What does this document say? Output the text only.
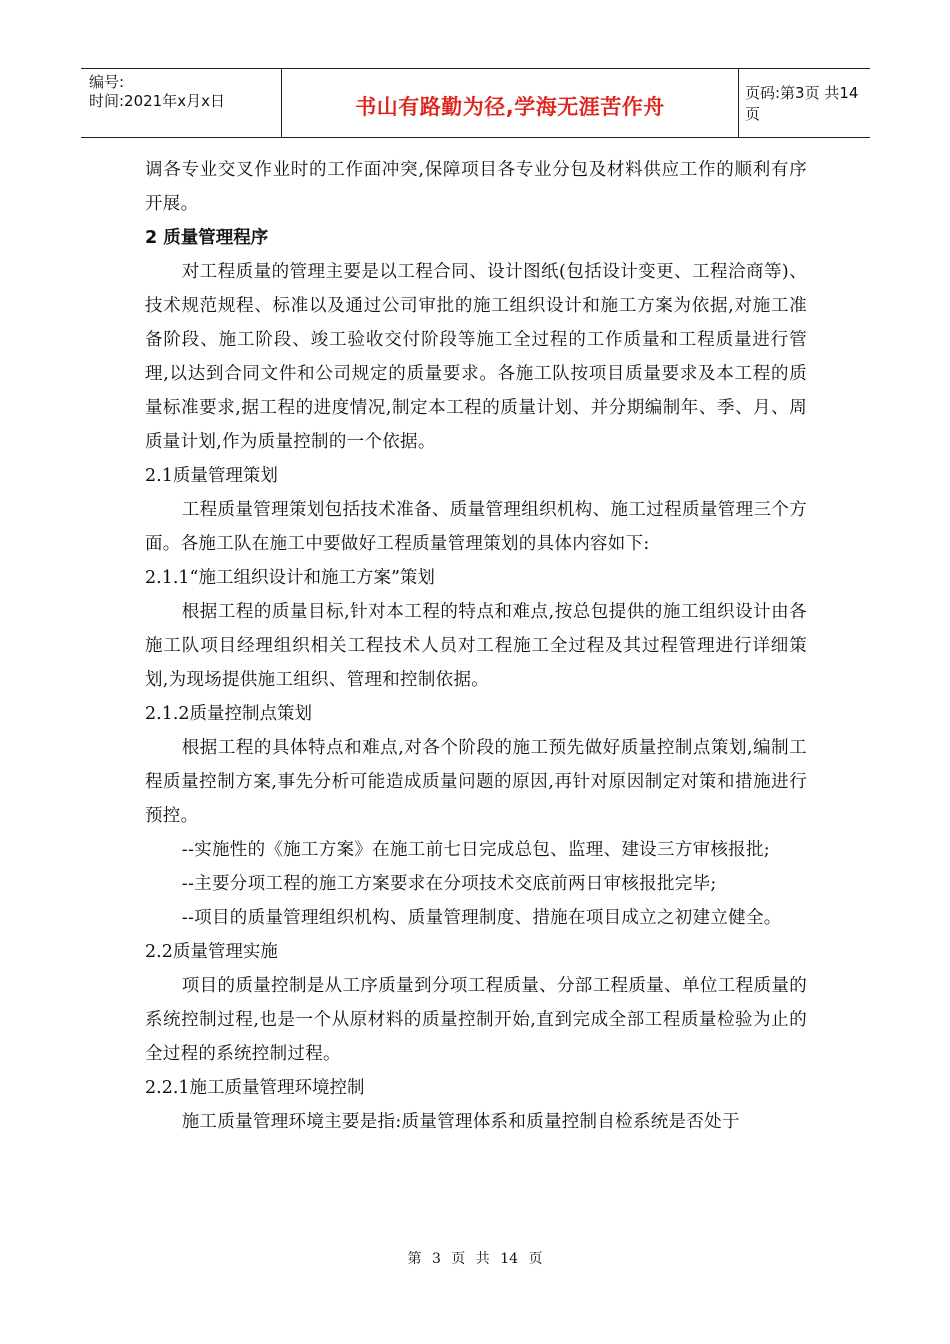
编号:
时间:2021年x月x日	书山有路勤为径,学海无涯苦作舟
页码:第3页 共14页

调各专业交叉作业时的工作面冲突,保障项目各专业分包及材料供应工作的顺利有序开展。

2 质量管理程序

对工程质量的管理主要是以工程合同、设计图纸(包括设计变更、工程洽商等)、技术规范规程、标准以及通过公司审批的施工组织设计和施工方案为依据,对施工准备阶段、施工阶段、竣工验收交付阶段等施工全过程的工作质量和工程质量进行管理,以达到合同文件和公司规定的质量要求。各施工队按项目质量要求及本工程的质量标准要求,据工程的进度情况,制定本工程的质量计划、并分期编制年、季、月、周质量计划,作为质量控制的一个依据。

2.1质量管理策划

工程质量管理策划包括技术准备、质量管理组织机构、施工过程质量管理三个方面。各施工队在施工中要做好工程质量管理策划的具体内容如下:

2.1.1“施工组织设计和施工方案”策划

根据工程的质量目标,针对本工程的特点和难点,按总包提供的施工组织设计由各施工队项目经理组织相关工程技术人员对工程施工全过程及其过程管理进行详细策划,为现场提供施工组织、管理和控制依据。

2.1.2质量控制点策划

根据工程的具体特点和难点,对各个阶段的施工预先做好质量控制点策划,编制工程质量控制方案,事先分析可能造成质量问题的原因,再针对原因制定对策和措施进行预控。

--实施性的《施工方案》在施工前七日完成总包、监理、建设三方审核报批;

--主要分项工程的施工方案要求在分项技术交底前两日审核报批完毕;

--项目的质量管理组织机构、质量管理制度、措施在项目成立之初建立健全。

2.2质量管理实施

项目的质量控制是从工序质量到分项工程质量、分部工程质量、单位工程质量的系统控制过程,也是一个从原材料的质量控制开始,直到完成全部工程质量检验为止的全过程的系统控制过程。

2.2.1施工质量管理环境控制

施工质量管理环境主要是指:质量管理体系和质量控制自检系统是否处于

第 3 页 共 14 页
